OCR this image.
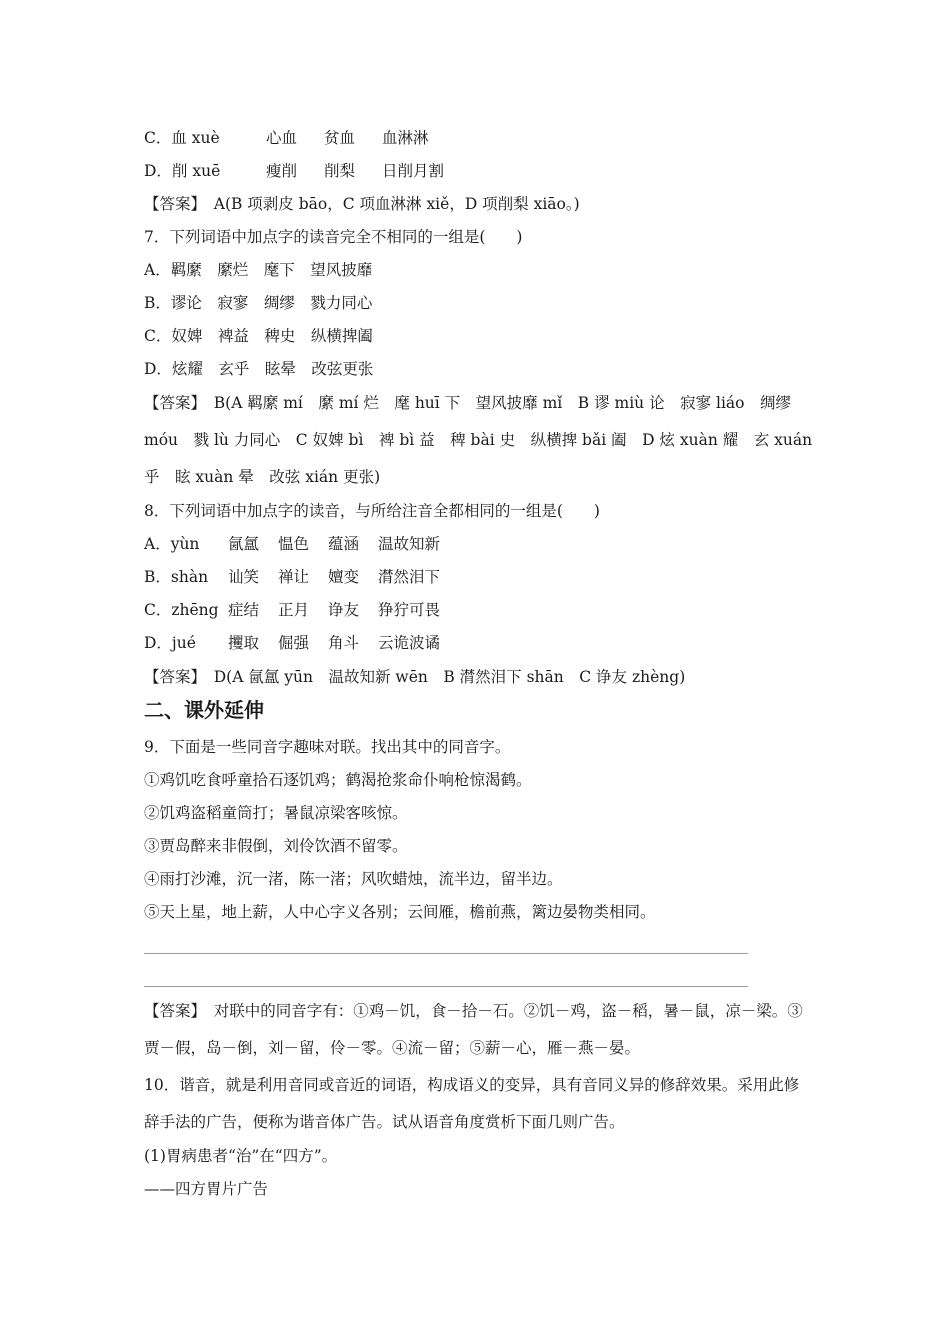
C．血 xuè	心血 贫血 血淋淋
D．削 xuē	瘦削 削梨 日削月割
【答案】　A(B 项剥皮 bāo，C 项血淋淋 xiě，D 项削梨 xiāo。)
7．下列词语中加点字的读音完全不相同的一组是(　　)
A．羁縻　縻烂　麾下　望风披靡
B．谬论　寂寥　绸缪　戮力同心
C．奴婢　裨益　稗史　纵横捭阖
D．炫耀　玄乎　眩晕　改弦更张
【答案】　B(A 羁縻 mí　縻 mí 烂　麾 huī 下　望风披靡 mǐ　B 谬 miù 论　寂寥 liáo　绸缪 móu　戮 lù 力同心　C 奴婢 bì　裨 bì 益　稗 bài 史　纵横捭 bǎi 阖　D 炫 xuàn 耀　玄 xuán 乎　眩 xuàn 晕　改弦 xián 更张)
8．下列词语中加点字的读音，与所给注音全都相同的一组是(　　)
A．yùn 氤氲 愠色 蕴涵 温故知新
B．shàn 讪笑 禅让 嬗变 潸然泪下
C．zhēng 症结 正月 诤友 狰狞可畏
D．jué 攫取 倔强 角斗 云诡波谲
【答案】　D(A 氤氲 yūn　温故知新 wēn　B 潸然泪下 shān　C 诤友 zhèng)
二、课外延伸
9．下面是一些同音字趣味对联。找出其中的同音字。
①鸡饥吃食呼童拾石逐饥鸡；鹤渴抢浆命仆响枪惊渴鹤。
②饥鸡盗稻童筒打；暑鼠凉梁客咳惊。
③贾岛醉来非假倒，刘伶饮酒不留零。
④雨打沙滩，沉一渚，陈一渚；风吹蜡烛，流半边，留半边。
⑤天上星，地上薪，人中心字义各别；云间雁，檐前燕，篱边晏物类相同。
【答案】　对联中的同音字有：①鸡－饥，食－拾－石。②饥－鸡，盗－稻，暑－鼠，凉－梁。③贾－假，岛－倒，刘－留，伶－零。④流－留；⑤薪－心，雁－燕－晏。
10．谐音，就是利用音同或音近的词语，构成语义的变异，具有音同义异的修辞效果。采用此修辞手法的广告，便称为谐音体广告。试从语音角度赏析下面几则广告。
(1)胃病患者“治”在“四方”。
——四方胃片广告
